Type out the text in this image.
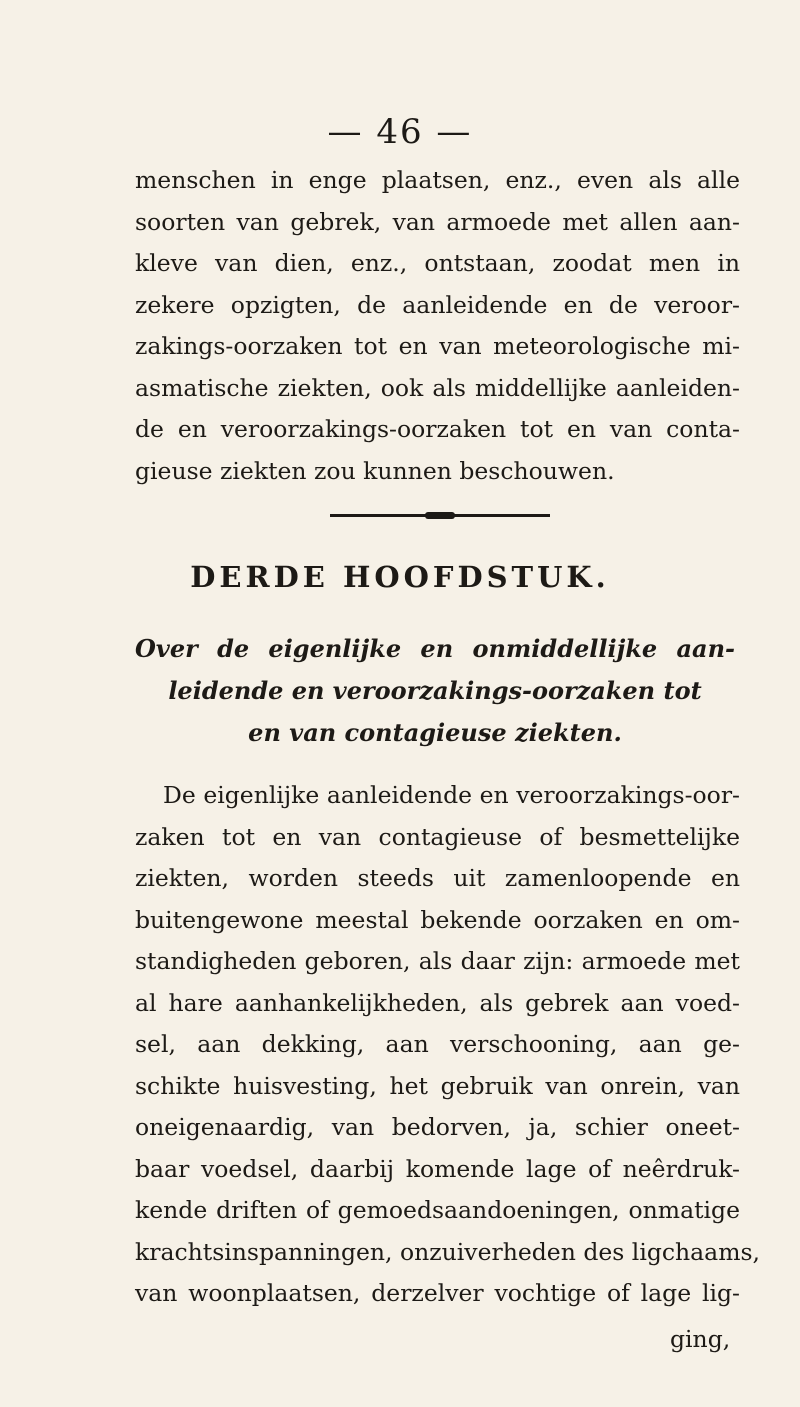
— 46 —
menschen in enge plaatsen, enz., even als alle
soorten van gebrek, van armoede met allen aan-
kleve van dien, enz., ontstaan, zoodat men in
zekere opzigten, de aanleidende en de veroor-
zakings-oorzaken tot en van meteorologische mi-
asmatische ziekten, ook als middellijke aanleiden-
de en veroorzakings-oorzaken tot en van conta-
gieuse ziekten zou kunnen beschouwen.
DERDE HOOFDSTUK.
Over de eigenlijke en onmiddellijke aan-
leidende en veroorzakings-oorzaken tot
en van contagieuse ziekten.
De eigenlijke aanleidende en veroorzakings-oor-
zaken tot en van contagieuse of besmettelijke
ziekten, worden steeds uit zamenloopende en
buitengewone meestal bekende oorzaken en om-
standigheden geboren, als daar zijn: armoede met
al hare aanhankelijkheden, als gebrek aan voed-
sel, aan dekking, aan verschooning, aan ge-
schikte huisvesting, het gebruik van onrein, van
oneigenaardig, van bedorven, ja, schier oneet-
baar voedsel, daarbij komende lage of neêrdruk-
kende driften of gemoedsaandoeningen, onmatige
krachtsinspanningen, onzuiverheden des ligchaams,
van woonplaatsen, derzelver vochtige of lage lig-
ging,
